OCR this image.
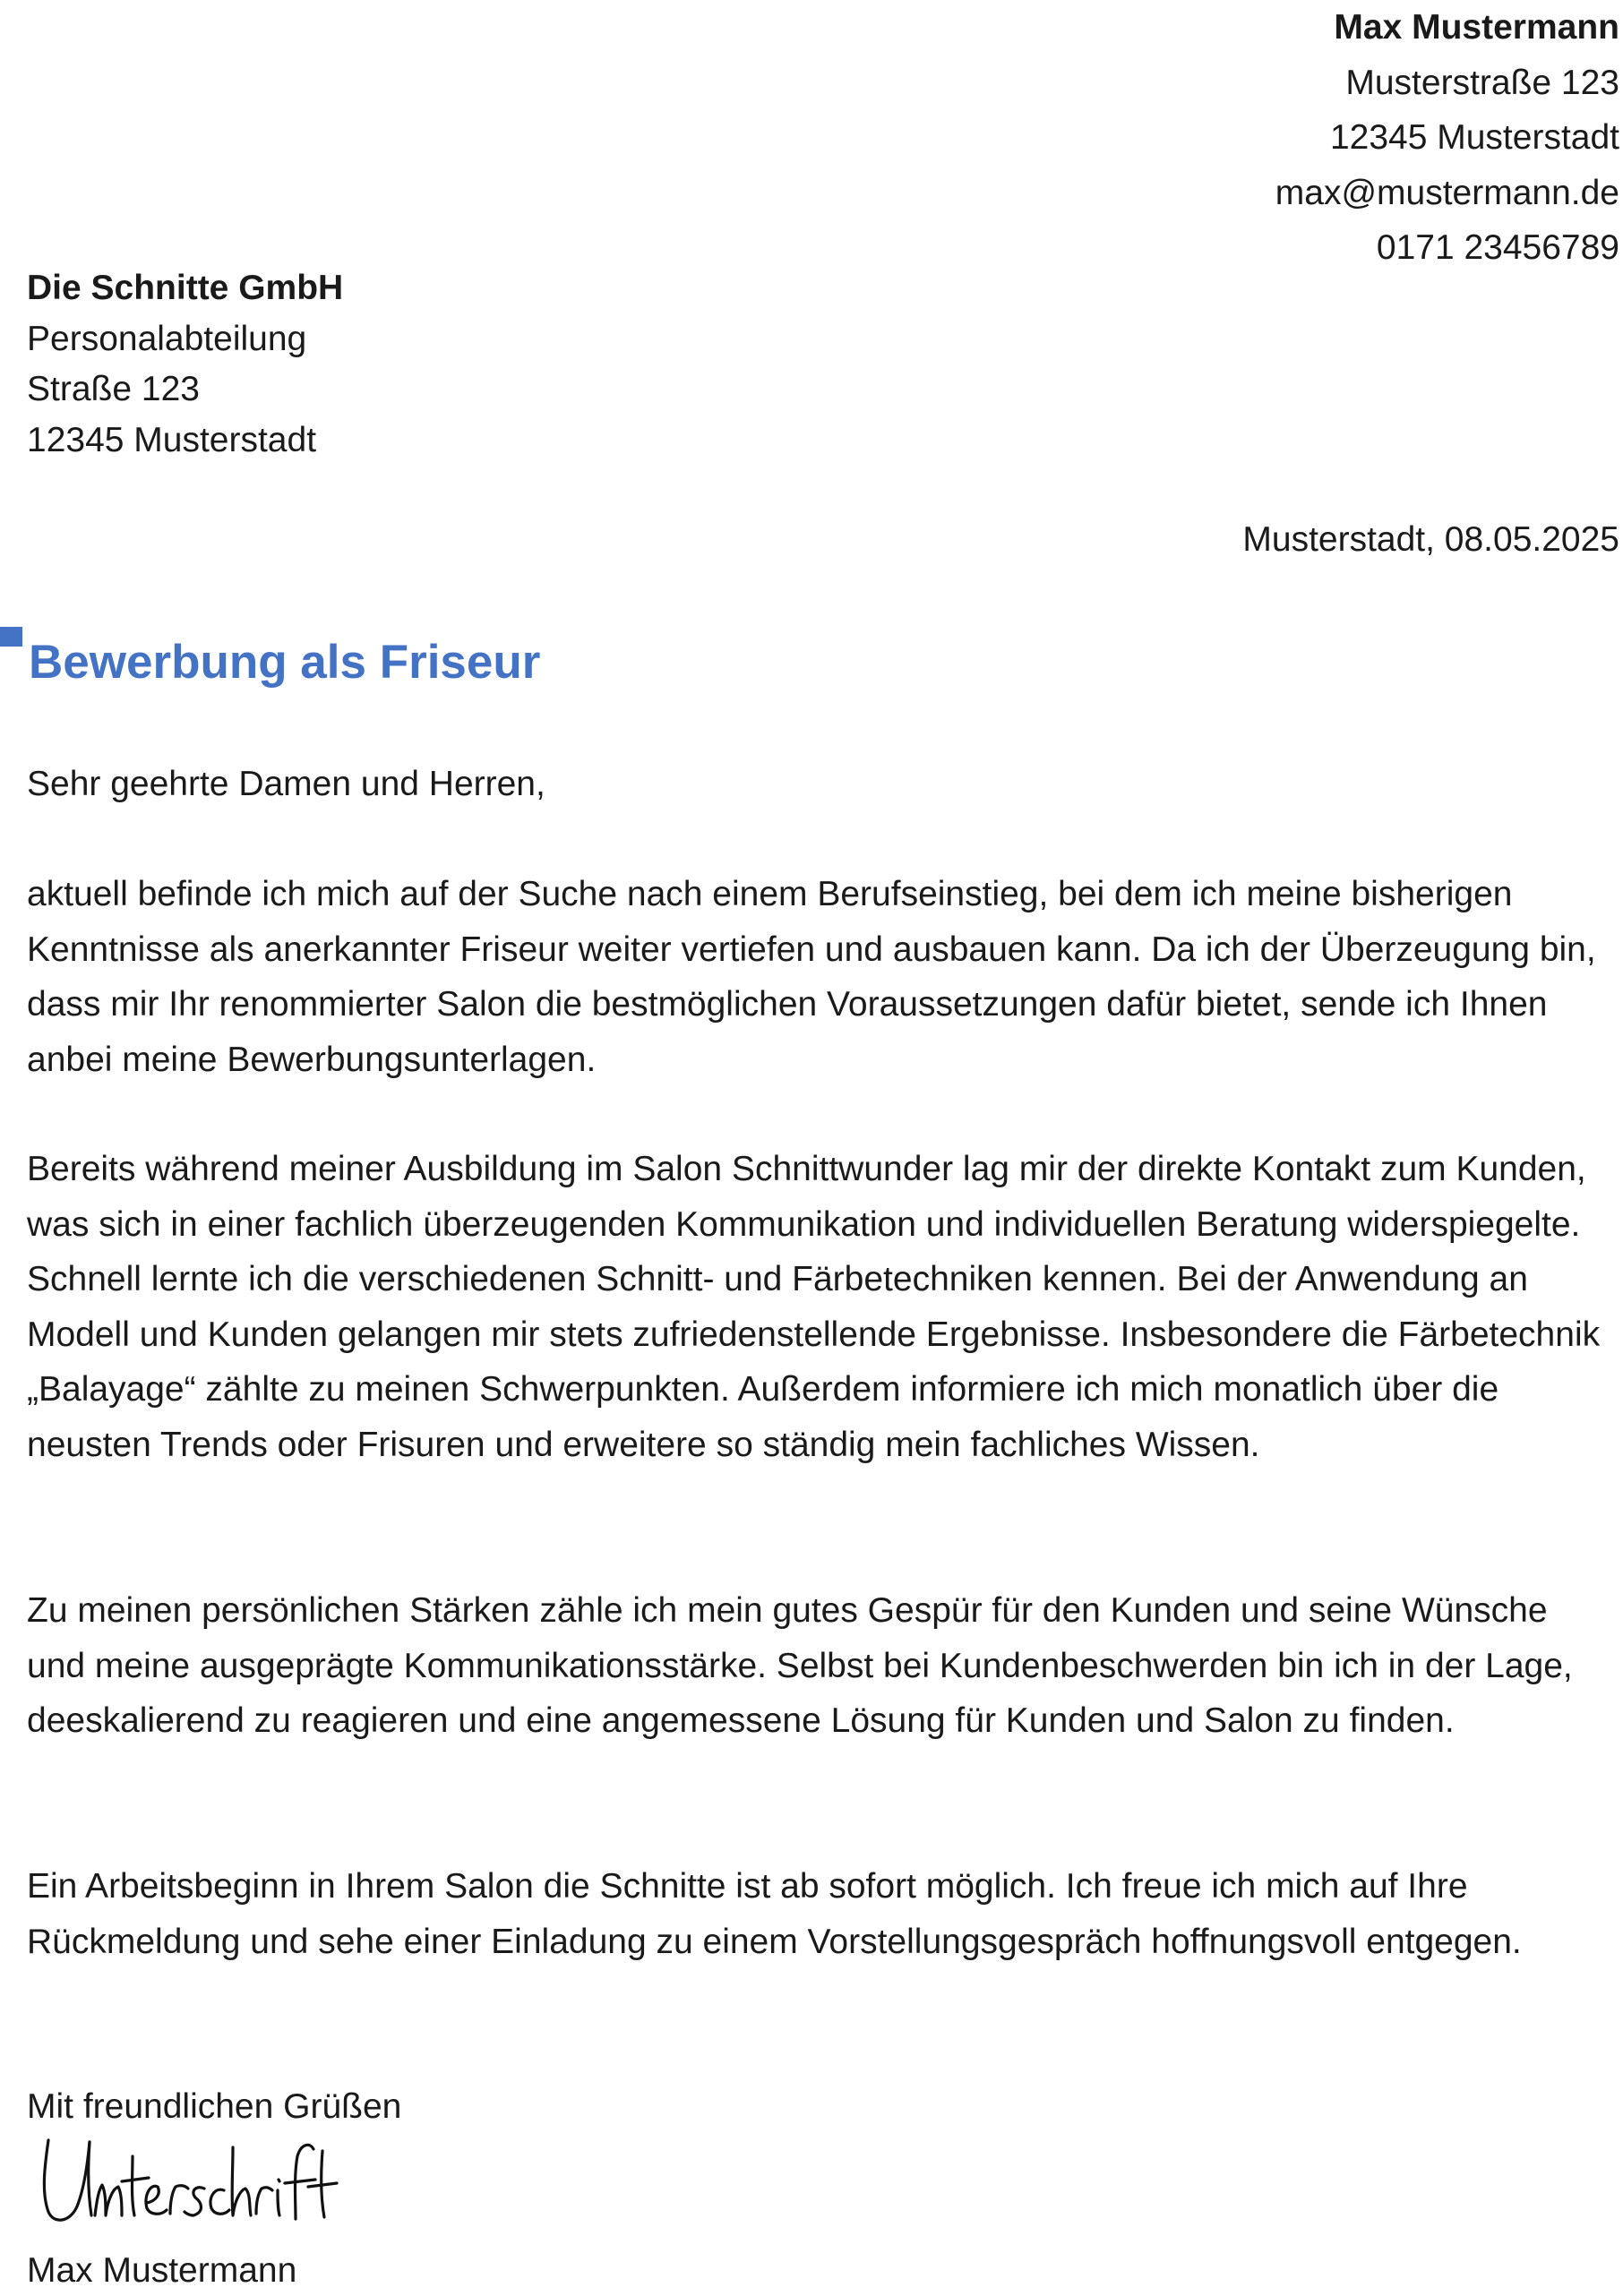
Max Mustermann
Musterstraße 123
12345 Musterstadt
max@mustermann.de
0171 23456789
Die Schnitte GmbH
Personalabteilung
Straße 123
12345 Musterstadt
Musterstadt, 08.05.2025
Bewerbung als Friseur

Sehr geehrte Damen und Herren,

aktuell befinde ich mich auf der Suche nach einem Berufseinstieg, bei dem ich meine bisherigen Kenntnisse als anerkannter Friseur weiter vertiefen und ausbauen kann. Da ich der Überzeugung bin, dass mir Ihr renommierter Salon die bestmöglichen Voraussetzungen dafür bietet, sende ich Ihnen anbei meine Bewerbungsunterlagen.

Bereits während meiner Ausbildung im Salon Schnittwunder lag mir der direkte Kontakt zum Kunden, was sich in einer fachlich überzeugenden Kommunikation und individuellen Beratung widerspiegelte. Schnell lernte ich die verschiedenen Schnitt- und Färbetechniken kennen. Bei der Anwendung an Modell und Kunden gelangen mir stets zufriedenstellende Ergebnisse. Insbesondere die Färbetechnik „Balayage“ zählte zu meinen Schwerpunkten. Außerdem informiere ich mich monatlich über die neusten Trends oder Frisuren und erweitere so ständig mein fachliches Wissen.

Zu meinen persönlichen Stärken zähle ich mein gutes Gespür für den Kunden und seine Wünsche und meine ausgeprägte Kommunikationsstärke. Selbst bei Kundenbeschwerden bin ich in der Lage, deeskalierend zu reagieren und eine angemessene Lösung für Kunden und Salon zu finden.

Ein Arbeitsbeginn in Ihrem Salon die Schnitte ist ab sofort möglich. Ich freue ich mich auf Ihre Rückmeldung und sehe einer Einladung zu einem Vorstellungsgespräch hoffnungsvoll entgegen.

Mit freundlichen Grüßen

Max Mustermann
